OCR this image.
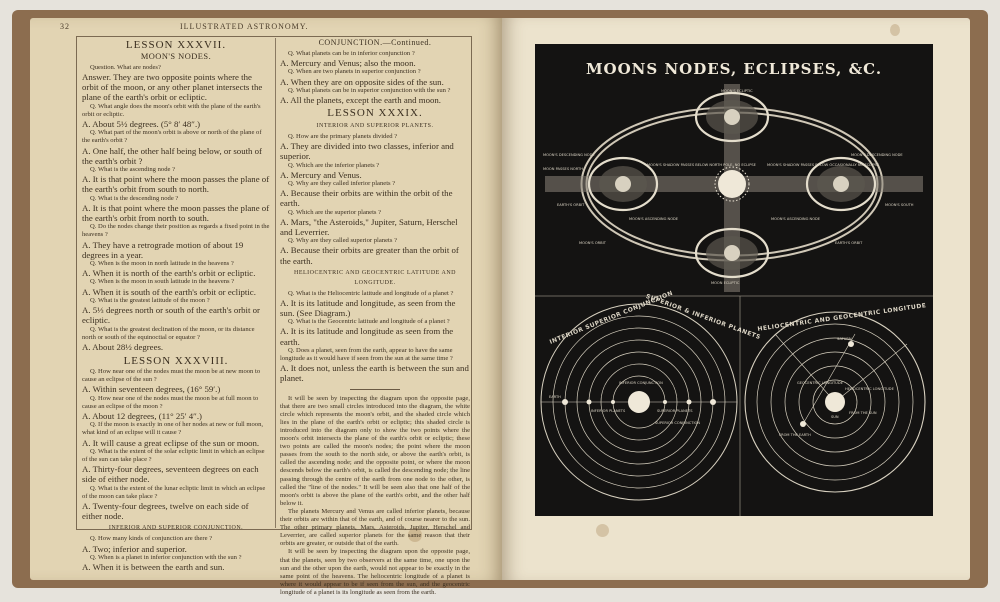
32	ILLUSTRATED ASTRONOMY.
LESSON XXXVII.
MOON'S NODES.

Question. What are nodes?

Answer. They are two opposite points where the orbit of the moon, or any other planet intersects the plane of the earth's orbit or ecliptic.

Q. What angle does the moon's orbit with the plane of the earth's orbit or ecliptic.

A. About 5½ degrees. (5° 8′ 48″.)

Q. What part of the moon's orbit is above or north of the plane of the earth's orbit ?

A. One half, the other half being below, or south of the earth's orbit ?

Q. What is the ascending node ?

A. It is that point where the moon passes the plane of the earth's orbit from south to north.

Q. What is the descending node ?

A. It is that point where the moon passes the plane of the earth's orbit from north to south.

Q. Do the nodes change their position as regards a fixed point in the heavens ?

A. They have a retrograde motion of about 19 degrees in a year.

Q. When is the moon in north latitude in the heavens ?

A. When it is north of the earth's orbit or ecliptic.

Q. When is the moon in south latitude in the heavens ?

A. When it is south of the earth's orbit or ecliptic.

Q. What is the greatest latitude of the moon ?

A. 5⅓ degrees north or south of the earth's orbit or ecliptic.

Q. What is the greatest declination of the moon, or its distance north or south of the equinoctial or equator ?

A. About 28½ degrees.

LESSON XXXVIII.

Q. How near one of the nodes must the moon be at new moon to cause an eclipse of the sun ?

A. Within seventeen degrees, (16° 59′.)

Q. How near one of the nodes must the moon be at full moon to cause an eclipse of the moon ?

A. About 12 degrees, (11° 25′ 4″.)

Q. If the moon is exactly in one of her nodes at new or full moon, what kind of an eclipse will it cause ?

A. It will cause a great eclipse of the sun or moon.

Q. What is the extent of the solar ecliptic limit in which an eclipse of the sun can take place ?

A. Thirty-four degrees, seventeen degrees on each side of either node.

Q. What is the extent of the lunar ecliptic limit in which an eclipse of the moon can take place ?

A. Twenty-four degrees, twelve on each side of either node.

INFERIOR AND SUPERIOR CONJUNCTION.

Q. How many kinds of conjunction are there ?

A. Two; inferior and superior.

Q. When is a planet in inferior conjunction with the sun ?

A. When it is between the earth and sun.

CONJUNCTION.—Continued.

Q. What planets can be in inferior conjunction ?

A. Mercury and Venus; also the moon.

Q. When are two planets in superior conjunction ?

A. When they are on opposite sides of the sun.

Q. What planets can be in superior conjunction with the sun ?

A. All the planets, except the earth and moon.

LESSON XXXIX.
INTERIOR AND SUPERIOR PLANETS.

Q. How are the primary planets divided ?

A. They are divided into two classes, inferior and superior.

Q. Which are the inferior planets ?

A. Mercury and Venus.

Q. Why are they called inferior planets ?

A. Because their orbits are within the orbit of the earth.

Q. Which are the superior planets ?

A. Mars, "the Asteroids," Jupiter, Saturn, Herschel and Leverrier.

Q. Why are they called superior planets ?

A. Because their orbits are greater than the orbit of the earth.

HELIOCENTRIC AND GEOCENTRIC LATITUDE AND LONGITUDE.

Q. What is the Heliocentric latitude and longitude of a planet ?

A. It is its latitude and longitude, as seen from the sun. (See Diagram.)

Q. What is the Geocentric latitude and longitude of a planet ?

A. It is its latitude and longitude as seen from the earth.

Q. Does a planet, seen from the earth, appear to have the same longitude as it would have if seen from the sun at the same time ?

A. It does not, unless the earth is between the sun and planet.

It will be seen by inspecting the diagram upon the opposite page, that there are two small circles introduced into the diagram, the white circle which represents the moon's orbit, and the shaded circle which lies in the plane of the earth's orbit or ecliptic; this shaded circle is introduced into the diagram only to show the two points where the moon's orbit intersects the plane of the earth's orbit or ecliptic; these two points are called the moon's nodes; the point where the moon passes from the south to the north side, or above the earth's orbit, is called the ascending node; and the opposite point, or where the moon descends below the earth's orbit, is called the descending node; the line passing through the centre of the earth from one node to the other, is called the "line of the nodes." It will be seen also that one half of the moon's orbit is above the plane of the earth's orbit, and the other half below it.

The planets Mercury and Venus are called inferior planets, because their orbits are within that of the earth, and of course nearer to the sun. The other primary planets, Mars, Asteroids, Jupiter, Herschel and Leverrier, are called superior planets for the same reason that their orbits are greater, or outside that of the earth.

It will be seen by inspecting the diagram upon the opposite page, that the planets, seen by two observers at the same time, one upon the sun and the other upon the earth, would not appear to be exactly in the same point of the heavens. The heliocentric longitude of a planet is where it would appear to be if seen from the sun, and the geocentric longitude of a planet is its longitude as seen from the earth.

MOONS NODES, ECLIPSES, &C.
MOON'S ECLIPTIC
MOON'S DESCENDING NODE	MOON'S DESCENDING NODE
MOON PASSES NORTH
MOON'S SHADOW PASSES BELOW NORTH POLE. NO ECLIPSE	MOON'S SHADOW PASSES BELOW OCCASIONALLY NO ECLIPSE
EARTH'S ORBIT	MOON'S SOUTH
MOON'S ASCENDING NODE	MOON'S ASCENDING NODE
EARTH'S ORBIT
MOON'S ORBIT
MOON ECLIPTIC
EARTH
INFERIOR PLANETS	SUPERIOR PLANETS
INFERIOR CONJUNCTION
SUPERIOR CONJUNCTION
INTERIOR SUPERIOR CONJUNCTION
SUPERIOR & INFERIOR PLANETS	SATURN
GEOCENTRIC LONGITUDE
HELIOCENTRIC LONGITUDE
FROM THE SUN
FROM THE EARTH
SUN
HELIOCENTRIC AND GEOCENTRIC LONGITUDE
